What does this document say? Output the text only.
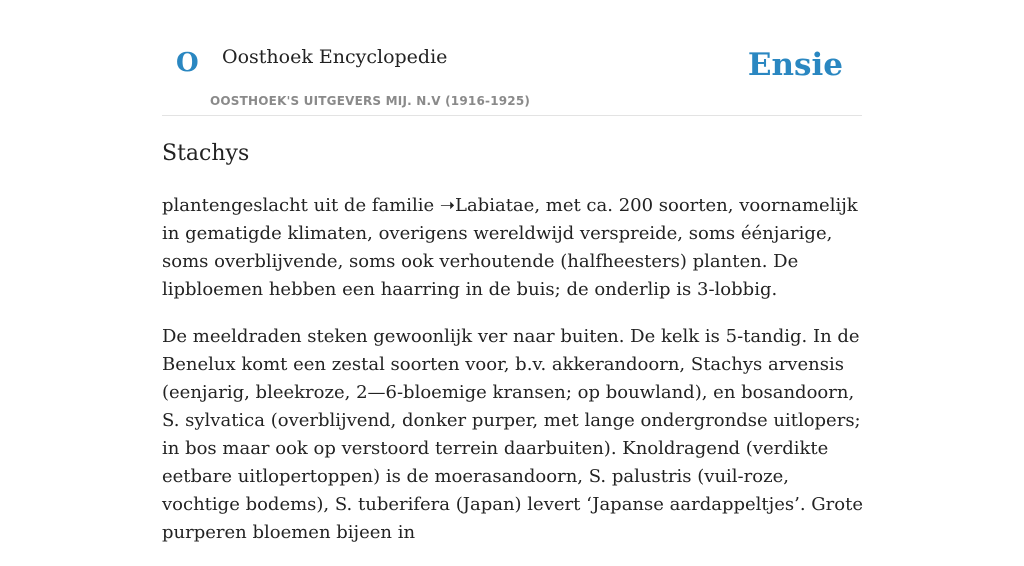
O Oosthoek Encyclopedie
OOSTHOEK'S UITGEVERS MIJ. N.V (1916-1925)
Ensie
Stachys

plantengeslacht uit de familie ➝Labiatae, met ca. 200 soorten, voornamelijk in gematigde klimaten, overigens wereldwijd verspreide, soms éénjarige, soms overblijvende, soms ook verhoutende (halfheesters) planten. De lipbloemen hebben een haarring in de buis; de onderlip is 3-lobbig.

De meeldraden steken gewoonlijk ver naar buiten. De kelk is 5-tandig. In de Benelux komt een zestal soorten voor, b.v. akkerandoorn, Stachys arvensis (eenjarig, bleekroze, 2—6-bloemige kransen; op bouwland), en bosandoorn, S. sylvatica (overblijvend, donker purper, met lange ondergrondse uitlopers; in bos maar ook op verstoord terrein daarbuiten). Knoldragend (verdikte eetbare uitlopertoppen) is de moerasandoorn, S. palustris (vuil-roze, vochtige bodems), S. tuberifera (Japan) levert ‘Japanse aardappeltjes’. Grote purperen bloemen bijeen in
